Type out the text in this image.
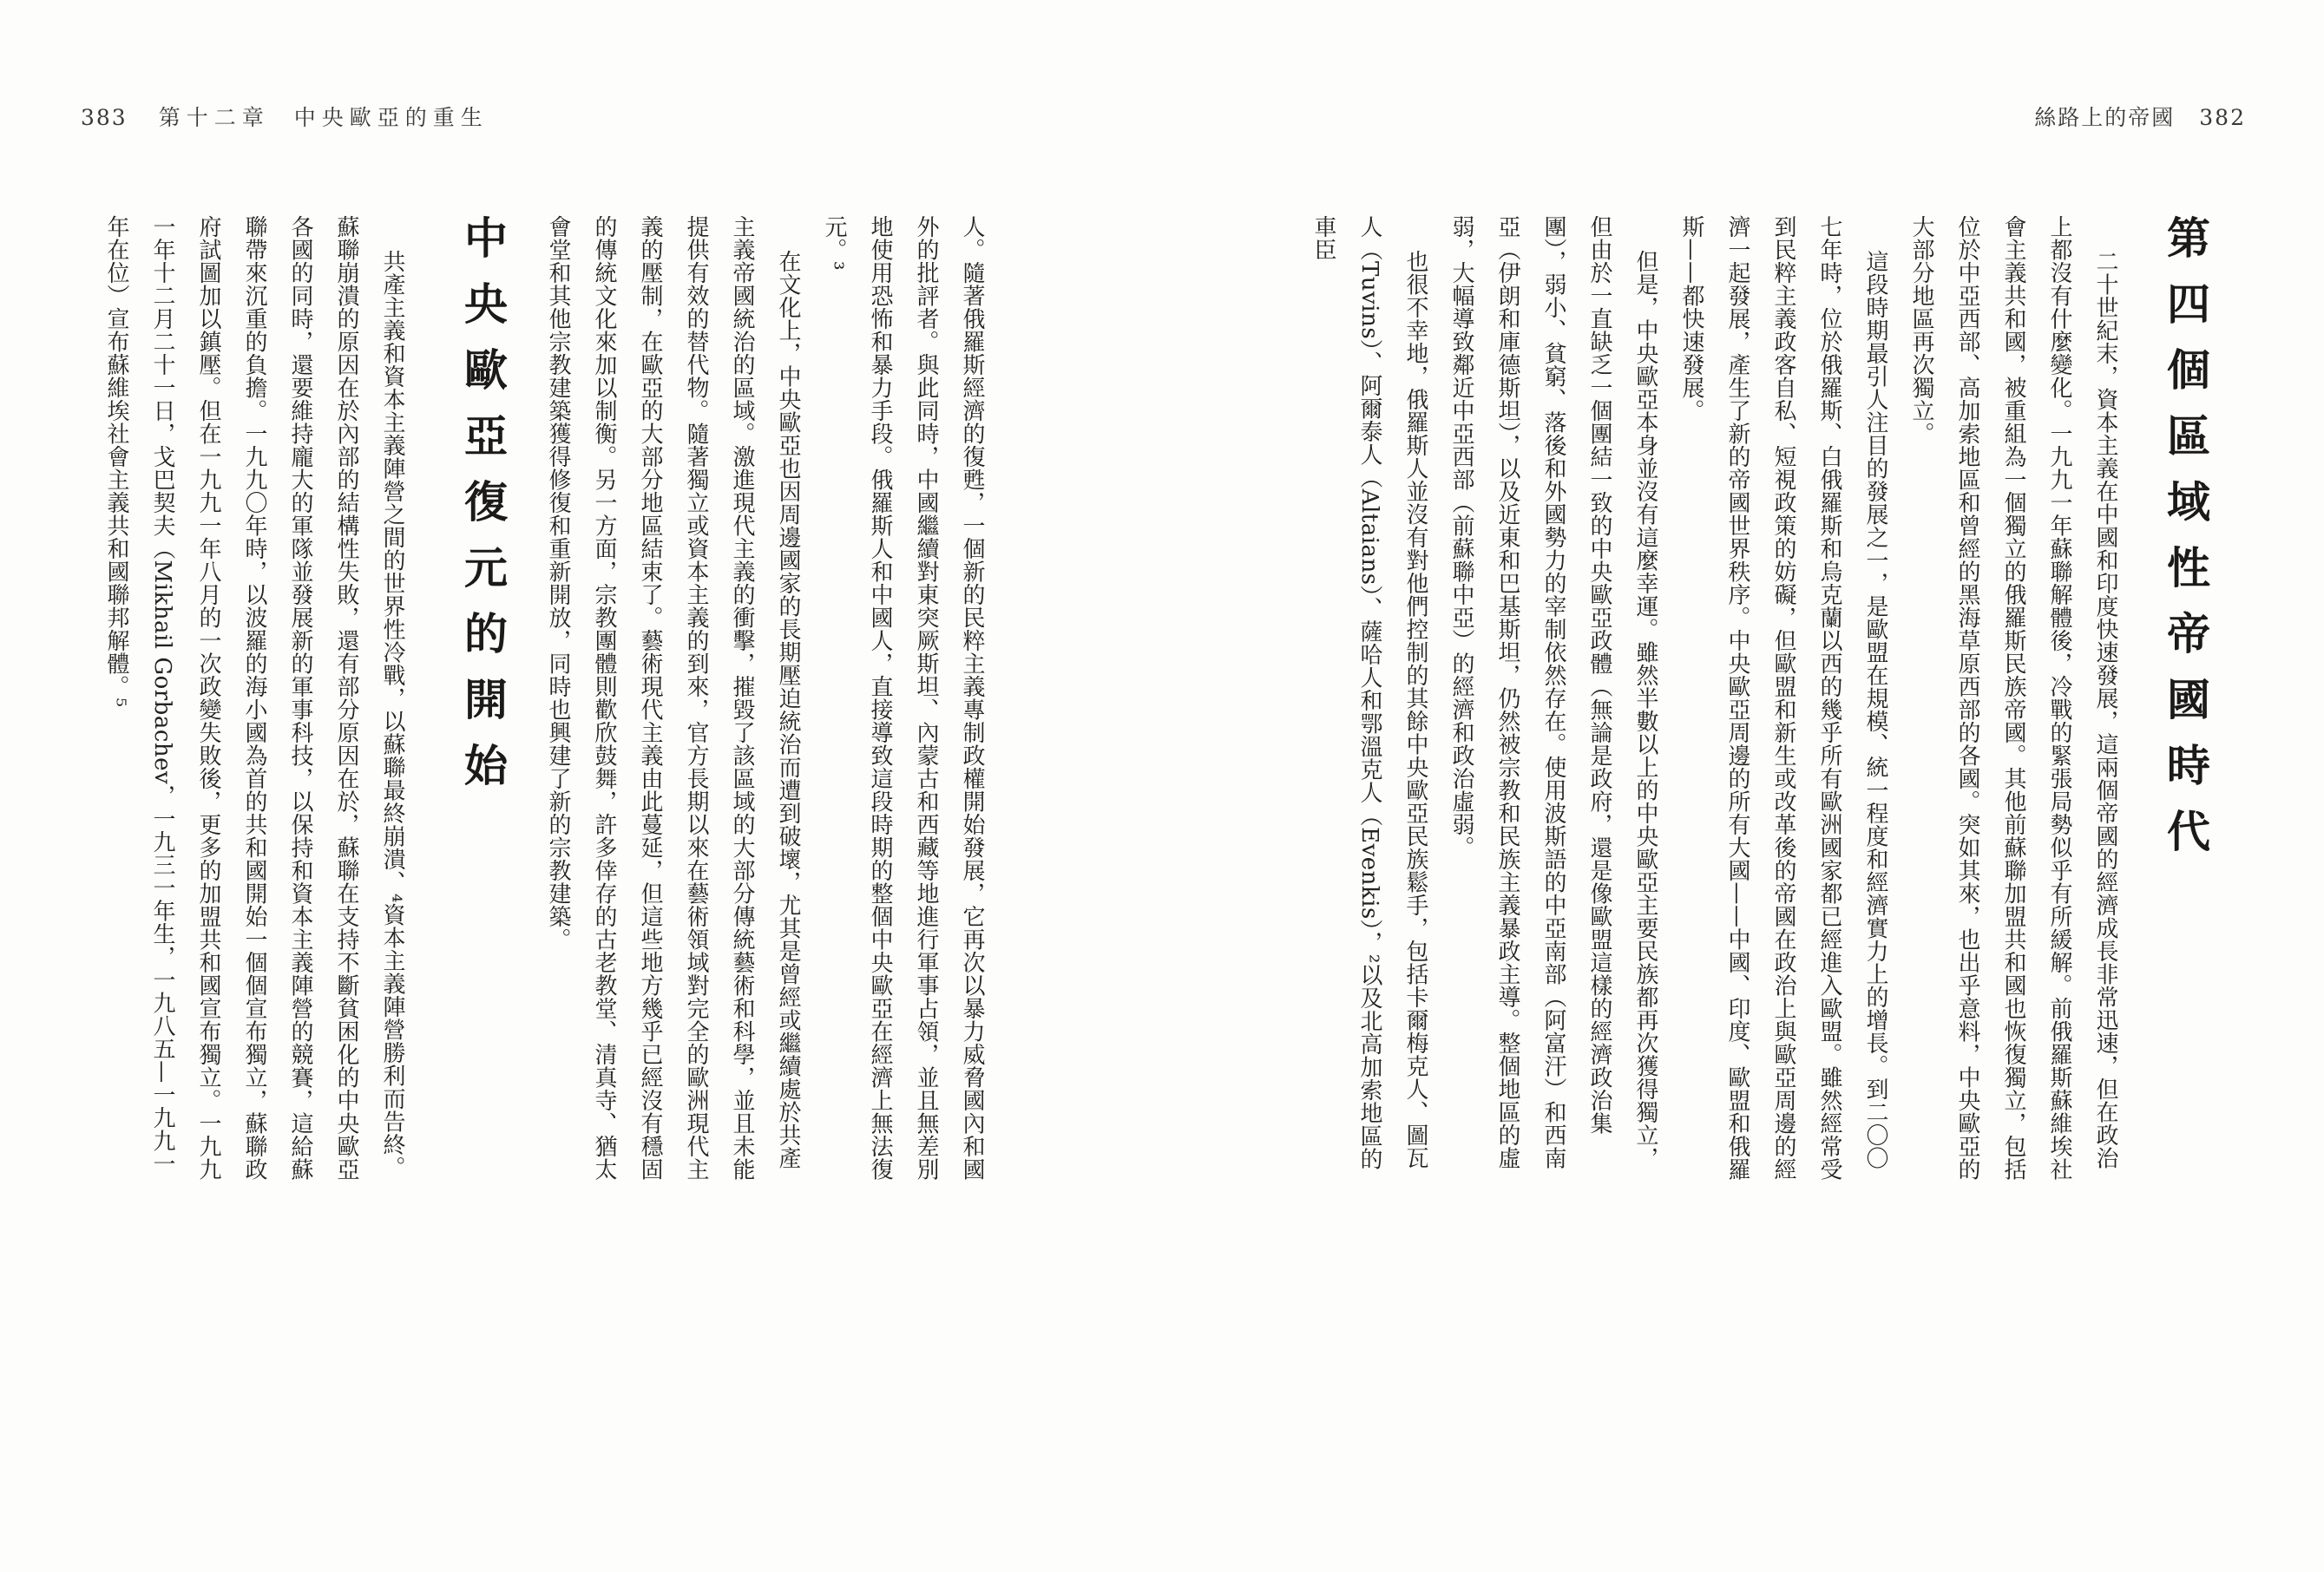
383 第十二章 中央歐亞的重生	絲路上的帝國 382
第四個區域性帝國時代

二十世紀末，資本主義在中國和印度快速發展，這兩個帝國的經濟成長非常迅速，但在政治上都沒有什麼變化。一九九一年蘇聯解體後，冷戰的緊張局勢似乎有所緩解。前俄羅斯蘇維埃社會主義共和國，被重組為一個獨立的俄羅斯民族帝國。其他前蘇聯加盟共和國也恢復獨立，包括位於中亞西部、高加索地區和曾經的黑海草原西部的各國。突如其來，也出乎意料，中央歐亞的大部分地區再次獨立。

這段時期最引人注目的發展之一，是歐盟在規模、統一程度和經濟實力上的增長。到二〇〇七年時，位於俄羅斯、白俄羅斯和烏克蘭以西的幾乎所有歐洲國家都已經進入歐盟。雖然經常受到民粹主義政客自私、短視政策的妨礙，但歐盟和新生或改革後的帝國在政治上與歐亞周邊的經濟一起發展，產生了新的帝國世界秩序。中央歐亞周邊的所有大國——中國、印度、歐盟和俄羅斯——都快速發展。

但是，中央歐亞本身並沒有這麼幸運。雖然半數以上的中央歐亞主要民族都再次獲得獨立，但由於一直缺乏一個團結一致的中央歐亞政體（無論是政府，還是像歐盟這樣的經濟政治集團），弱小、貧窮、落後和外國勢力的宰制依然存在。使用波斯語的中亞南部（阿富汗）和西南亞（伊朗和庫德斯坦），以及近東和巴基斯坦，仍然被宗教和民族主義暴政主導。整個地區的虛弱，大幅導致鄰近中亞西部（前蘇聯中亞）的經濟和政治虛弱。

也很不幸地，俄羅斯人並沒有對他們控制的其餘中央歐亞民族鬆手，包括卡爾梅克人、圖瓦人（Tuvins）、阿爾泰人（Altaians）、薩哈人和鄂溫克人（Evenkis），²以及北高加索地區的車臣

人。隨著俄羅斯經濟的復甦，一個新的民粹主義專制政權開始發展，它再次以暴力威脅國內和國外的批評者。與此同時，中國繼續對東突厥斯坦、內蒙古和西藏等地進行軍事占領，並且無差別地使用恐怖和暴力手段。俄羅斯人和中國人，直接導致這段時期的整個中央歐亞在經濟上無法復元。³

在文化上，中央歐亞也因周邊國家的長期壓迫統治而遭到破壞，尤其是曾經或繼續處於共產主義帝國統治的區域。激進現代主義的衝擊，摧毀了該區域的大部分傳統藝術和科學，並且未能提供有效的替代物。隨著獨立或資本主義的到來，官方長期以來在藝術領域對完全的歐洲現代主義的壓制，在歐亞的大部分地區結束了。藝術現代主義由此蔓延，但這些地方幾乎已經沒有穩固的傳統文化來加以制衡。另一方面，宗教團體則歡欣鼓舞，許多倖存的古老教堂、清真寺、猶太會堂和其他宗教建築獲得修復和重新開放，同時也興建了新的宗教建築。

中央歐亞復元的開始

共產主義和資本主義陣營之間的世界性冷戰，以蘇聯最終崩潰、⁴資本主義陣營勝利而告終。蘇聯崩潰的原因在於內部的結構性失敗，還有部分原因在於，蘇聯在支持不斷貧困化的中央歐亞各國的同時，還要維持龐大的軍隊並發展新的軍事科技，以保持和資本主義陣營的競賽，這給蘇聯帶來沉重的負擔。一九九〇年時，以波羅的海小國為首的共和國開始一個個宣布獨立，蘇聯政府試圖加以鎮壓。但在一九九一年八月的一次政變失敗後，更多的加盟共和國宣布獨立。一九九一年十二月二十一日，戈巴契夫（Mikhail Gorbachev，一九三一年生，一九八五—一九九一年在位）宣布蘇維埃社會主義共和國聯邦解體。⁵
